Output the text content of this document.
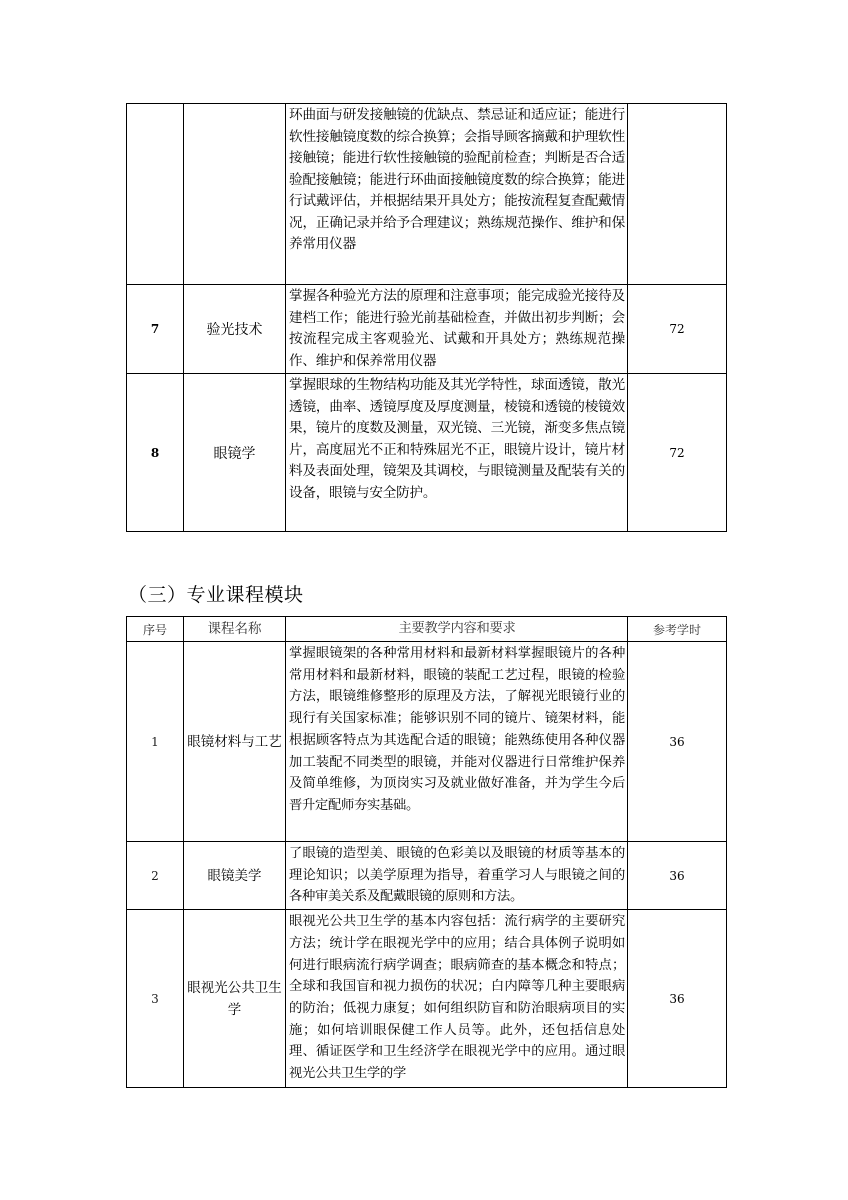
		环曲面与研发接触镜的优缺点、禁忌证和适应证；能进行软性接触镜度数的综合换算；会指导顾客摘戴和护理软性接触镜；能进行软性接触镜的验配前检查；判断是否合适验配接触镜；能进行环曲面接触镜度数的综合换算；能进行试戴评估，并根据结果开具处方；能按流程复查配戴情况，正确记录并给予合理建议；熟练规范操作、维护和保养常用仪器	
7	验光技术	掌握各种验光方法的原理和注意事项；能完成验光接待及建档工作；能进行验光前基础检查，并做出初步判断；会按流程完成主客观验光、试戴和开具处方；熟练规范操作、维护和保养常用仪器	72
8	眼镜学	掌握眼球的生物结构功能及其光学特性，球面透镜，散光透镜，曲率、透镜厚度及厚度测量，棱镜和透镜的棱镜效果，镜片的度数及测量，双光镜、三光镜，渐变多焦点镜片，高度屈光不正和特殊屈光不正，眼镜片设计，镜片材料及表面处理，镜架及其调校，与眼镜测量及配装有关的设备，眼镜与安全防护。	72
（三）专业课程模块
序号	课程名称	主要教学内容和要求	参考学时
1	眼镜材料与工艺	掌握眼镜架的各种常用材料和最新材料掌握眼镜片的各种常用材料和最新材料，眼镜的装配工艺过程，眼镜的检验方法，眼镜维修整形的原理及方法，了解视光眼镜行业的现行有关国家标准；能够识别不同的镜片、镜架材料，能根据顾客特点为其选配合适的眼镜；能熟练使用各种仪器加工装配不同类型的眼镜，并能对仪器进行日常维护保养及简单维修，为顶岗实习及就业做好准备，并为学生今后晋升定配师夯实基础。	36
2	眼镜美学	了眼镜的造型美、眼镜的色彩美以及眼镜的材质等基本的理论知识；以美学原理为指导，着重学习人与眼镜之间的各种审美关系及配戴眼镜的原则和方法。	36
3	眼视光公共卫生学	眼视光公共卫生学的基本内容包括：流行病学的主要研究方法；统计学在眼视光学中的应用；结合具体例子说明如何进行眼病流行病学调查；眼病筛查的基本概念和特点；全球和我国盲和视力损伤的状况；白内障等几种主要眼病的防治；低视力康复；如何组织防盲和防治眼病项目的实施；如何培训眼保健工作人员等。此外，还包括信息处理、循证医学和卫生经济学在眼视光学中的应用。通过眼视光公共卫生学的学	36
